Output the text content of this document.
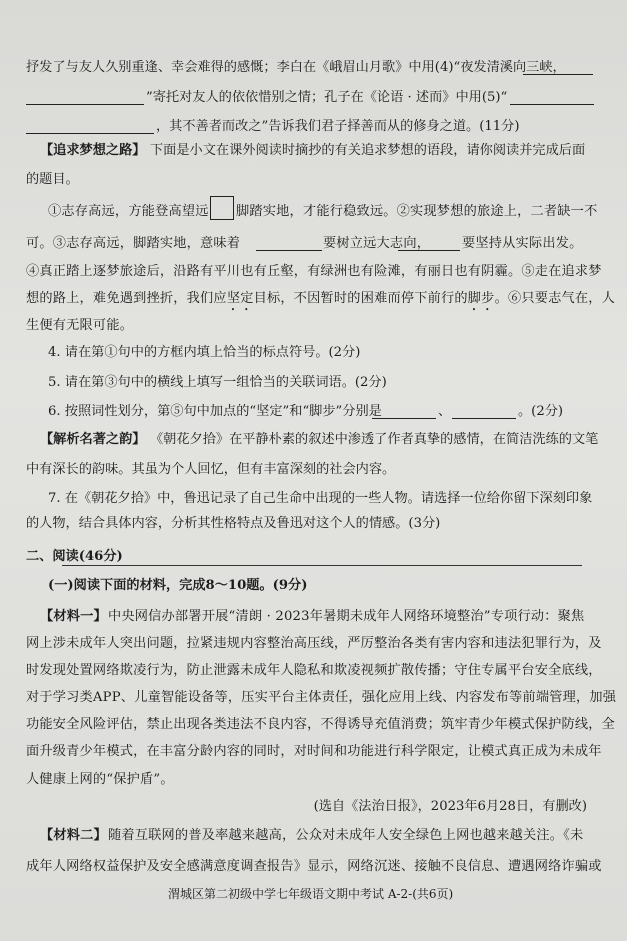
抒发了与友人久别重逢、幸会难得的感慨；李白在《峨眉山月歌》中用(4)“夜发清溪向三峡，
”寄托对友人的依依惜别之情；孔子在《论语 · 述而》中用(5)“
，其不善者而改之”告诉我们君子择善而从的修身之道。(11分)
【追求梦想之路】 下面是小文在课外阅读时摘抄的有关追求梦想的语段，请你阅读并完成后面
的题目。
①志存高远，方能登高望远 脚踏实地，才能行稳致远。②实现梦想的旅途上，二者缺一不
可。③志存高远，脚踏实地，意味着	要树立远大志向， 要坚持从实际出发。
④真正踏上逐梦旅途后，沿路有平川也有丘壑，有绿洲也有险滩，有丽日也有阴霾。⑤走在追求梦
想的路上，难免遇到挫折，我们应坚定目标，不因暂时的困难而停下前行的脚步。⑥只要志气在，人
生便有无限可能。
4. 请在第①句中的方框内填上恰当的标点符号。(2分)
5. 请在第③句中的横线上填写一组恰当的关联词语。(2分)
6. 按照词性划分，第⑤句中加点的“坚定”和“脚步”分别是	、	。(2分)
【解析名著之韵】 《朝花夕拾》在平静朴素的叙述中渗透了作者真挚的感情，在简洁洗练的文笔
中有深长的韵味。其虽为个人回忆，但有丰富深刻的社会内容。
7. 在《朝花夕拾》中，鲁迅记录了自己生命中出现的一些人物。请选择一位给你留下深刻印象
的人物，结合具体内容，分析其性格特点及鲁迅对这个人的情感。(3分)
二、阅读(46分)
(一)阅读下面的材料，完成8～10题。(9分)
【材料一】 中央网信办部署开展“清朗 · 2023年暑期未成年人网络环境整治”专项行动：聚焦
网上涉未成年人突出问题，拉紧违规内容整治高压线，严厉整治各类有害内容和违法犯罪行为，及
时发现处置网络欺凌行为，防止泄露未成年人隐私和欺凌视频扩散传播；守住专属平台安全底线，
对于学习类APP、儿童智能设备等，压实平台主体责任，强化应用上线、内容发布等前端管理，加强
功能安全风险评估，禁止出现各类违法不良内容，不得诱导充值消费；筑牢青少年模式保护防线，全
面升级青少年模式，在丰富分龄内容的同时，对时间和功能进行科学限定，让模式真正成为未成年
人健康上网的“保护盾”。
(选自《法治日报》，2023年6月28日，有删改)
【材料二】 随着互联网的普及率越来越高，公众对未成年人安全绿色上网也越来越关注。《未
成年人网络权益保护及安全感满意度调查报告》显示，网络沉迷、接触不良信息、遭遇网络诈骗或
渭城区第二初级中学七年级语文期中考试 A-2-(共6页)
